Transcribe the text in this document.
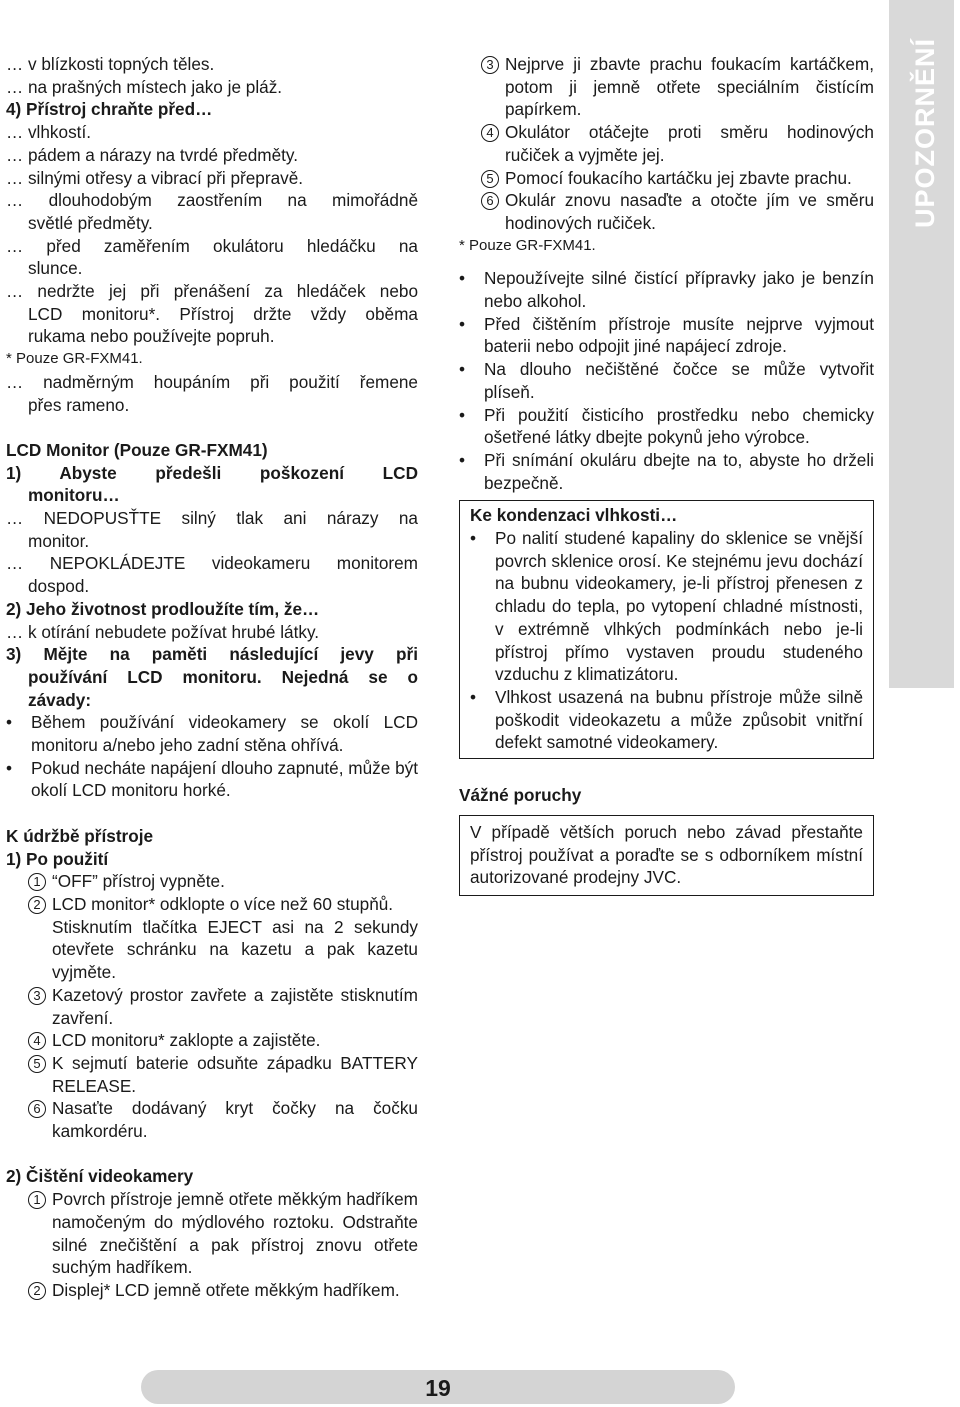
UPOZORNĚNÍ

… v blízkosti topných těles.

… na prašných místech jako je pláž.

4) Přístroj chraňte před…

… vlhkostí.

… pádem a nárazy na tvrdé předměty.

… silnými otřesy a vibrací při přepravě.

… dlouhodobým zaostřením na mimořádně

světlé předměty.

… před zaměřením okulátoru hledáčku na

slunce.

… nedržte jej při přenášení za hledáček nebo

LCD monitoru*. Přístroj držte vždy oběma

rukama nebo používejte popruh.

* Pouze GR-FXM41.

… nadměrným houpáním při použití řemene

přes rameno.

LCD Monitor (Pouze GR-FXM41)

1) Abyste předešli poškození LCD

monitoru…

… NEDOPUSŤTE silný tlak ani nárazy na

monitor.

… NEPOKLÁDEJTE videokameru monitorem

dospod.

2) Jeho životnost prodloužíte tím, že…

… k otírání nebudete požívat hrubé látky.

3) Mějte na paměti následující jevy při

používání LCD monitoru. Nejedná se o

závady:

• Během používání videokamery se okolí LCD monitoru a/nebo jeho zadní stěna ohřívá.
• Pokud necháte napájení dlouho zapnuté, může být okolí LCD monitoru horké.

K údržbě přístroje

1) Po použití

1 “OFF” přístroj vypněte.
2 LCD monitor* odklopte o více než 60 stupňů.
Stisknutím tlačítka EJECT asi na 2 sekundy otevřete schránku na kazetu a pak kazetu vyjměte.
3 Kazetový prostor zavřete a zajistěte stisknutím zavření.
4 LCD monitoru* zaklopte a zajistěte.
5 K sejmutí baterie odsuňte západku BATTERY RELEASE.
6 Nasaťte dodávaný kryt čočky na čočku kamkordéru.

2) Čištění videokamery

1 Povrch přístroje jemně otřete měkkým hadříkem namočeným do mýdlového roztoku. Odstraňte silné znečištění a pak přístroj znovu otřete suchým hadříkem.
2 Displej* LCD jemně otřete měkkým hadříkem.
3 Nejprve ji zbavte prachu foukacím kartáčkem, potom ji jemně otřete speciálním čistícím papírkem.
4 Okulátor otáčejte proti směru hodinových ručiček a vyjměte jej.
5 Pomocí foukacího kartáčku jej zbavte prachu.
6 Okulár znovu nasaďte a otočte jím ve směru hodinových ručiček.

* Pouze GR-FXM41.

• Nepoužívejte silné čistící přípravky jako je benzín nebo alkohol.
• Před čištěním přístroje musíte nejprve vyjmout baterii nebo odpojit jiné napájecí zdroje.
• Na dlouho nečištěné čočce se může vytvořit plíseň.
• Při použití čisticího prostředku nebo chemicky ošetřené látky dbejte pokynů jeho výrobce.
• Při snímání okuláru dbejte na to, abyste ho drželi bezpečně.

Ke kondenzaci vlhkosti…

• Po nalití studené kapaliny do sklenice se vnější povrch sklenice orosí. Ke stejnému jevu dochází na bubnu videokamery, je-li přístroj přenesen z chladu do tepla, po vytopení chladné místnosti, v extrémně vlhkých podmínkách nebo je-li přístroj přímo vystaven proudu studeného vzduchu z klimatizátoru.
• Vlhkost usazená na bubnu přístroje může silně poškodit videokazetu a může způsobit vnitřní defekt samotné videokamery.

Vážné poruchy

V případě větších poruch nebo závad přestaňte přístroj používat a poraďte se s odborníkem místní autorizované prodejny JVC.
19
